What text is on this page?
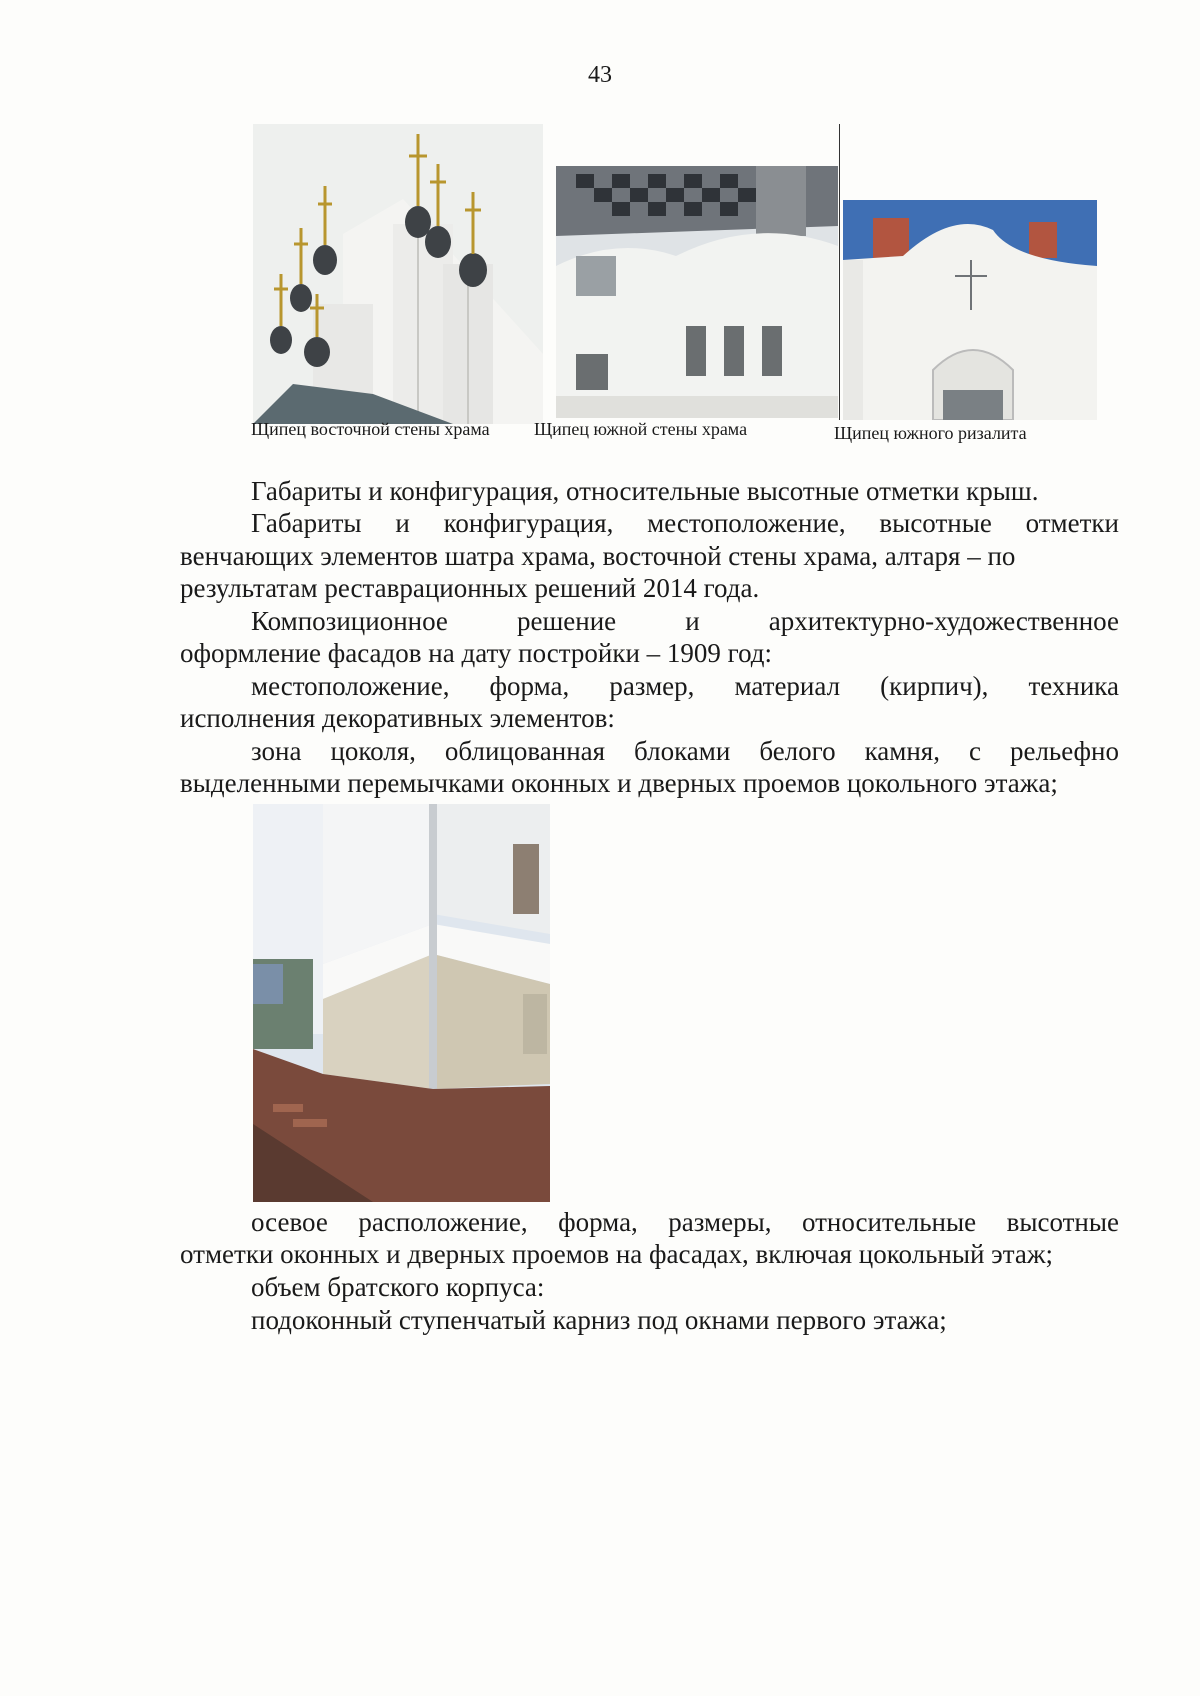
43
Щипец восточной стены храма Щипец южной стены храма	Щипец южного ризалита
Габариты и конфигурация, относительные высотные отметки крыш.
Габариты и конфигурация, местоположение, высотные отметки
венчающих элементов шатра храма, восточной стены храма, алтаря – по
результатам реставрационных решений 2014 года.
Композиционное решение и архитектурно-художественное
оформление фасадов на дату постройки – 1909 год:
местоположение, форма, размер, материал (кирпич), техника
исполнения декоративных элементов:
зона цоколя, облицованная блоками белого камня, с рельефно
выделенными перемычками оконных и дверных проемов цокольного этажа;
осевое расположение, форма, размеры, относительные высотные
отметки оконных и дверных проемов на фасадах, включая цокольный этаж;
объем братского корпуса:
подоконный ступенчатый карниз под окнами первого этажа;
